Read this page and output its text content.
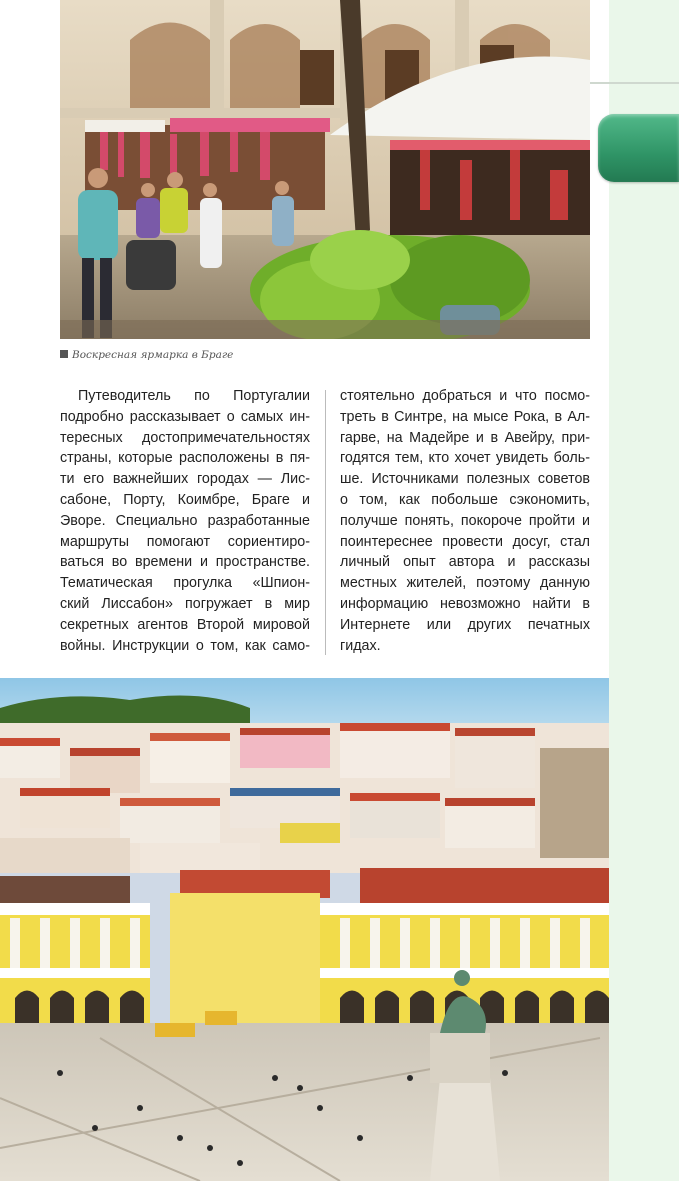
Воскресная ярмарка в Браге

Путеводитель по Португалии
подробно рассказывает о самых ин-
тересных достопримечательностях
страны, которые расположены в пя-
ти его важнейших городах — Лис-
сабоне, Порту, Коимбре, Браге и
Эворе. Специально разработанные
маршруты помогают сориентиро-
ваться во времени и пространстве.
Тематическая прогулка «Шпион-
ский Лиссабон» погружает в мир
секретных агентов Второй мировой
войны. Инструкции о том, как само-

стоятельно добраться и что посмо-
треть в Синтре, на мысе Рока, в Ал-
гарве, на Мадейре и в Авейру, при-
годятся тем, кто хочет увидеть боль-
ше. Источниками полезных советов
о том, как побольше сэкономить,
получше понять, покороче пройти и
поинтереснее провести досуг, стал
личный опыт автора и рассказы
местных жителей, поэтому данную
информацию невозможно найти в
Интернете или других печатных
гидах.
